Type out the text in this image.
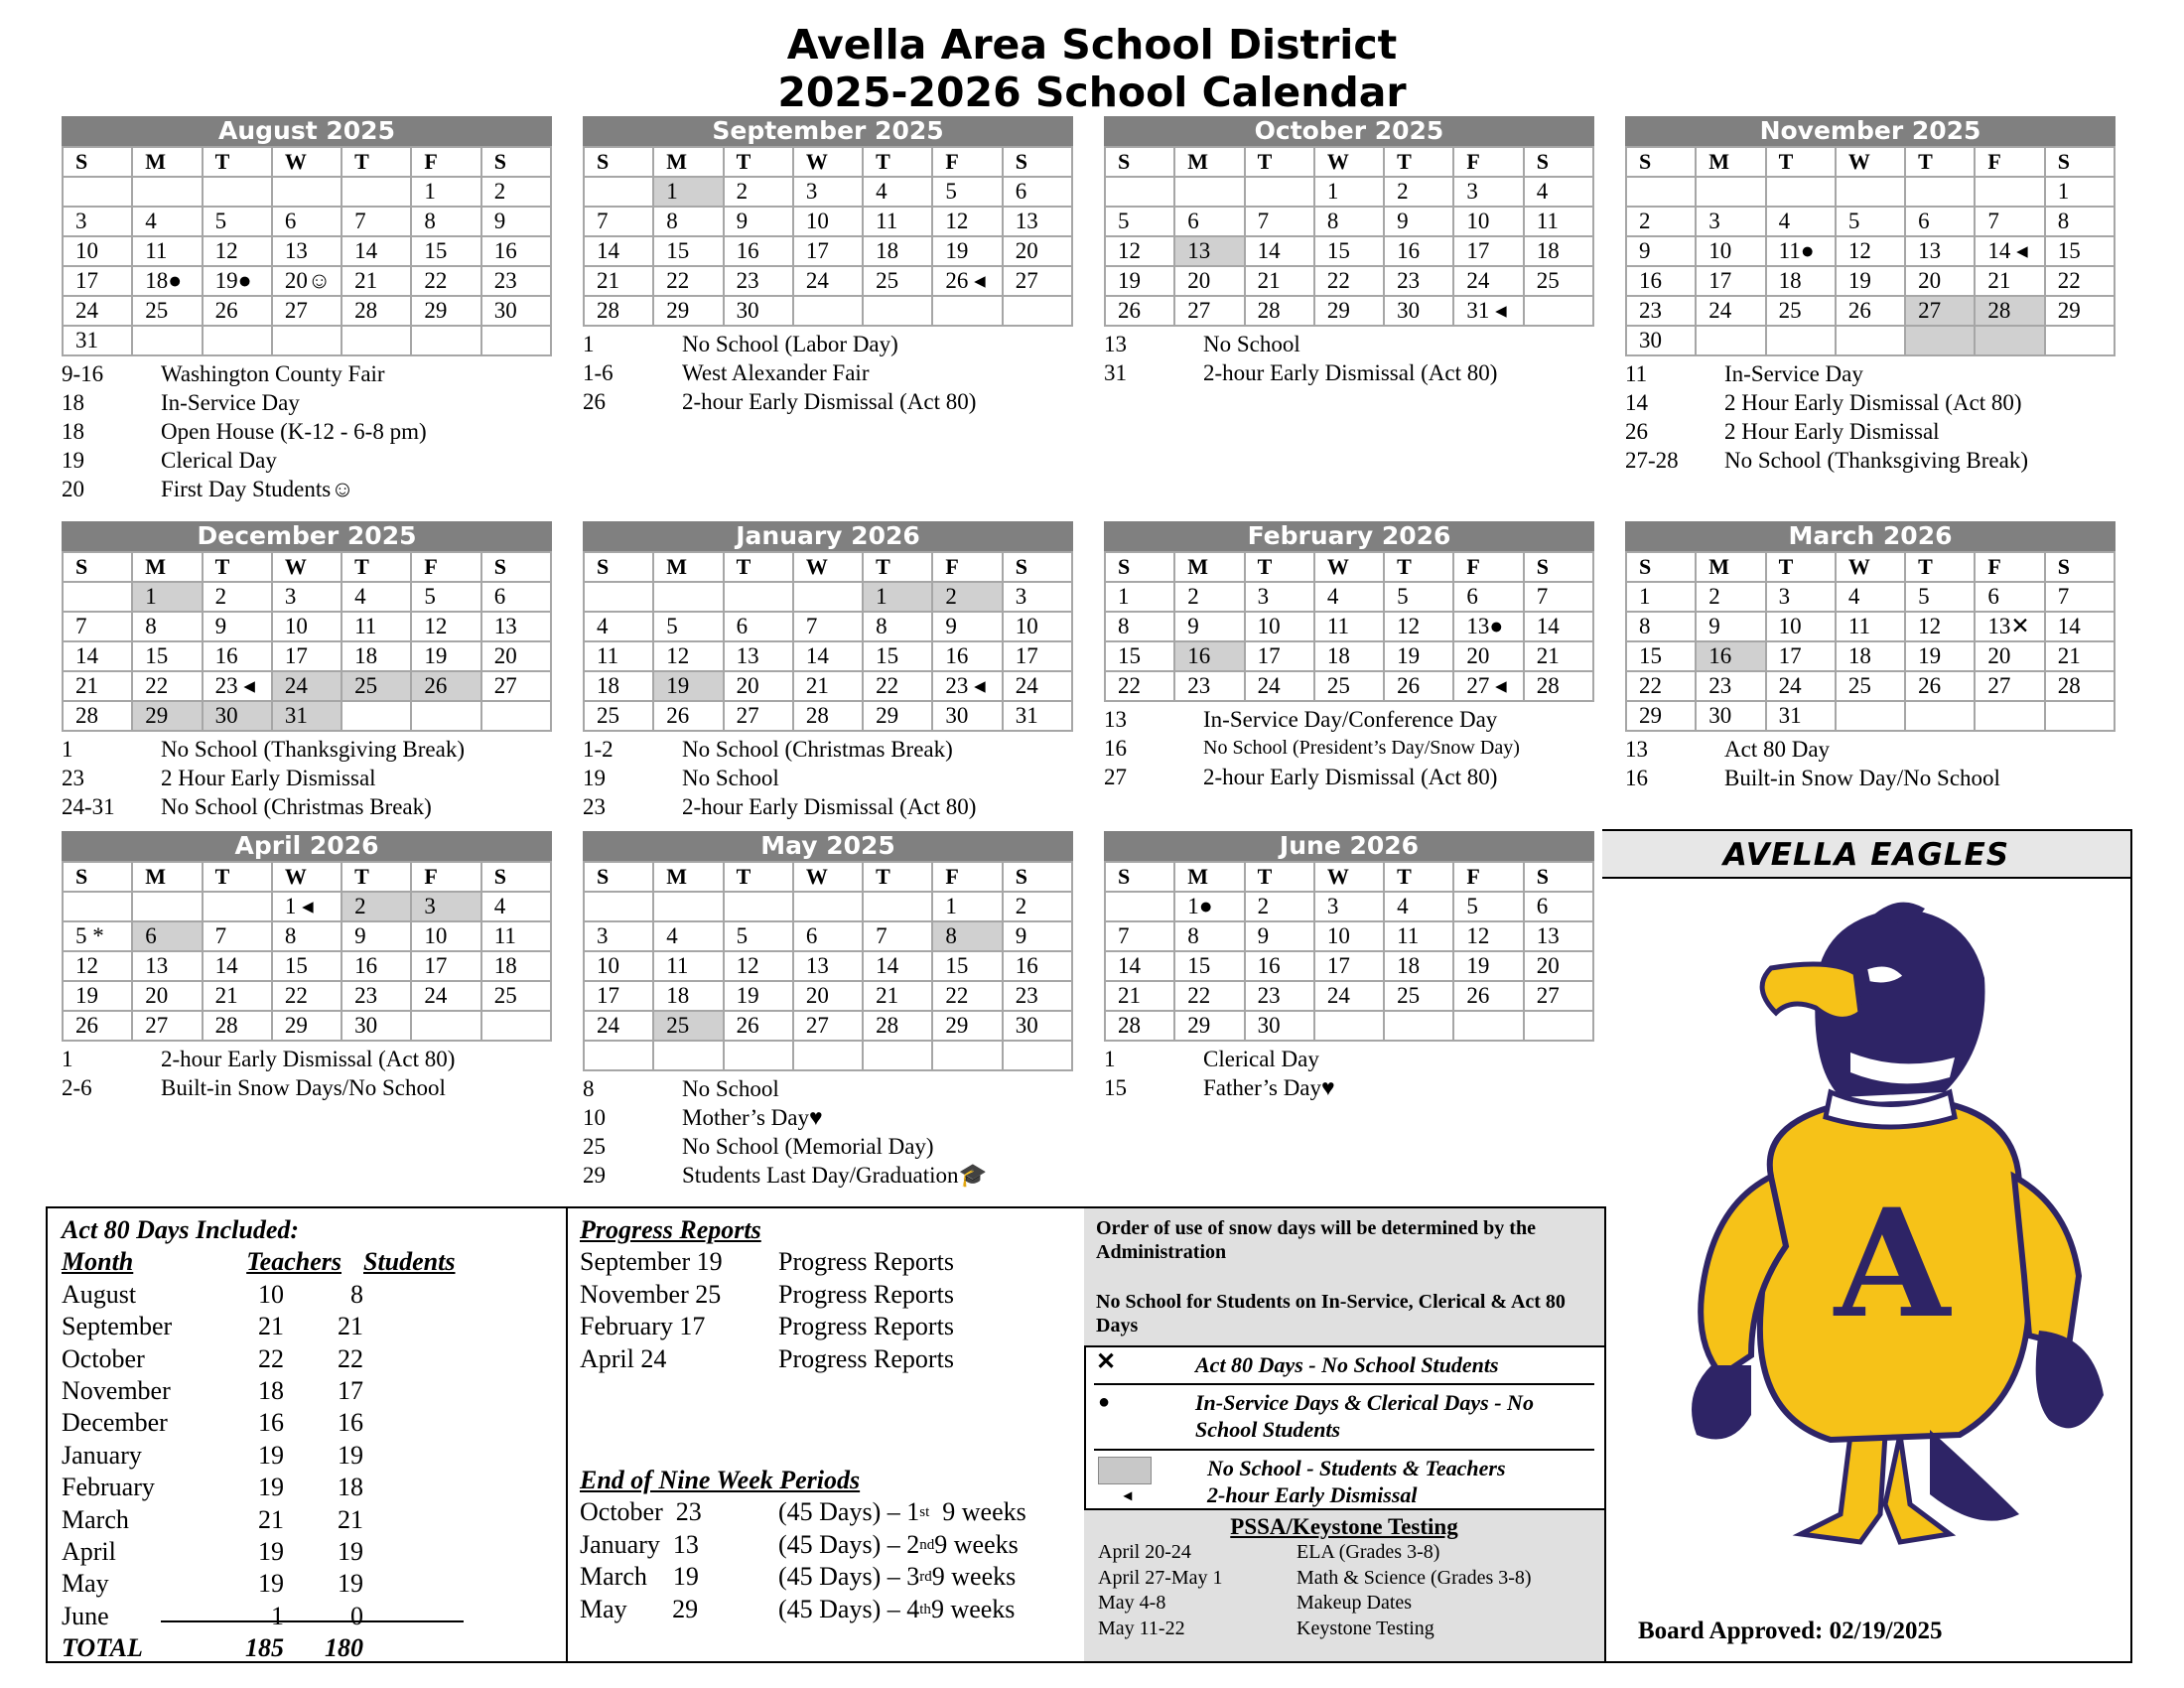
Avella Area School District
2025-2026 School Calendar
August 2025
S	M	T	W	T	F	S
					1	2
3	4	5	6	7	8	9
10	11	12	13	14	15	16
17	18●	19●	20☺	21	22	23
24	25	26	27	28	29	30
31						
9-16	Washington County Fair
18	In-Service Day
18	Open House (K-12 - 6-8 pm)
19	Clerical Day
20	First Day Students☺
September 2025
S	M	T	W	T	F	S
	1	2	3	4	5	6
7	8	9	10	11	12	13
14	15	16	17	18	19	20
21	22	23	24	25	26 ◂	27
28	29	30				
1	No School (Labor Day)
1-6	West Alexander Fair
26	2-hour Early Dismissal (Act 80)
October 2025
S	M	T	W	T	F	S
			1	2	3	4
5	6	7	8	9	10	11
12	13	14	15	16	17	18
19	20	21	22	23	24	25
26	27	28	29	30	31 ◂	
13	No School
31	2-hour Early Dismissal (Act 80)
November 2025
S	M	T	W	T	F	S
						1
2	3	4	5	6	7	8
9	10	11●	12	13	14 ◂	15
16	17	18	19	20	21	22
23	24	25	26	27	28	29
30						
11	In-Service Day
14	2 Hour Early Dismissal (Act 80)
26	2 Hour Early Dismissal
27-28	No School (Thanksgiving Break)
December 2025
S	M	T	W	T	F	S
	1	2	3	4	5	6
7	8	9	10	11	12	13
14	15	16	17	18	19	20
21	22	23 ◂	24	25	26	27
28	29	30	31			
1	No School (Thanksgiving Break)
23	2 Hour Early Dismissal
24-31	No School (Christmas Break)
January 2026
S	M	T	W	T	F	S
				1	2	3
4	5	6	7	8	9	10
11	12	13	14	15	16	17
18	19	20	21	22	23 ◂	24
25	26	27	28	29	30	31
1-2	No School (Christmas Break)
19	No School
23	2-hour Early Dismissal (Act 80)
February 2026
S	M	T	W	T	F	S
1	2	3	4	5	6	7
8	9	10	11	12	13●	14
15	16	17	18	19	20	21
22	23	24	25	26	27 ◂	28
13	In-Service Day/Conference Day
16	No School (President’s Day/Snow Day)
27	2-hour Early Dismissal (Act 80)
March 2026
S	M	T	W	T	F	S
1	2	3	4	5	6	7
8	9	10	11	12	13✕	14
15	16	17	18	19	20	21
22	23	24	25	26	27	28
29	30	31				
13	Act 80 Day
16	Built-in Snow Day/No School
April 2026
S	M	T	W	T	F	S
			1 ◂	2	3	4
5 *	6	7	8	9	10	11
12	13	14	15	16	17	18
19	20	21	22	23	24	25
26	27	28	29	30		
1	2-hour Early Dismissal (Act 80)
2-6	Built-in Snow Days/No School
May 2025
S	M	T	W	T	F	S
					1	2
3	4	5	6	7	8	9
10	11	12	13	14	15	16
17	18	19	20	21	22	23
24	25	26	27	28	29	30

8	No School
10	Mother’s Day♥
25	No School (Memorial Day)
29	Students Last Day/Graduation🎓
June 2026
S	M	T	W	T	F	S
	1●	2	3	4	5	6
7	8	9	10	11	12	13
14	15	16	17	18	19	20
21	22	23	24	25	26	27
28	29	30				
1	Clerical Day
15	Father’s Day♥
Act 80 Days Included:
Month	Teachers Students
August	10	8
September	21	21
October	22	22
November	18	17
December	16	16
January	19	19
February	19	18
March	21	21
April	19	19
May	19	19
June	1	0
TOTAL	185	180
Progress Reports
September 19	Progress Reports
November 25	Progress Reports
February 17	Progress Reports
April 24	Progress Reports
End of Nine Week Periods
October  23	(45 Days) – 1 st 9 weeks
January  13	(45 Days) – 2 nd 9 weeks
March    19	(45 Days) – 3 rd 9 weeks
May       29	(45 Days) – 4 th 9 weeks
Order of use of snow days will be determined by the Administration
No School for Students on In-Service, Clerical & Act 80 Days
✕	Act 80 Days - No School Students
●	In-Service Days & Clerical Days - No School Students
No School - Students & Teachers
◂	2-hour Early Dismissal
PSSA/Keystone Testing
April 20-24	ELA (Grades 3-8)
April 27-May 1	Math & Science (Grades 3-8)
May 4-8	Makeup Dates
May 11-22	Keystone Testing
AVELLA EAGLES
A
Board Approved: 02/19/2025
